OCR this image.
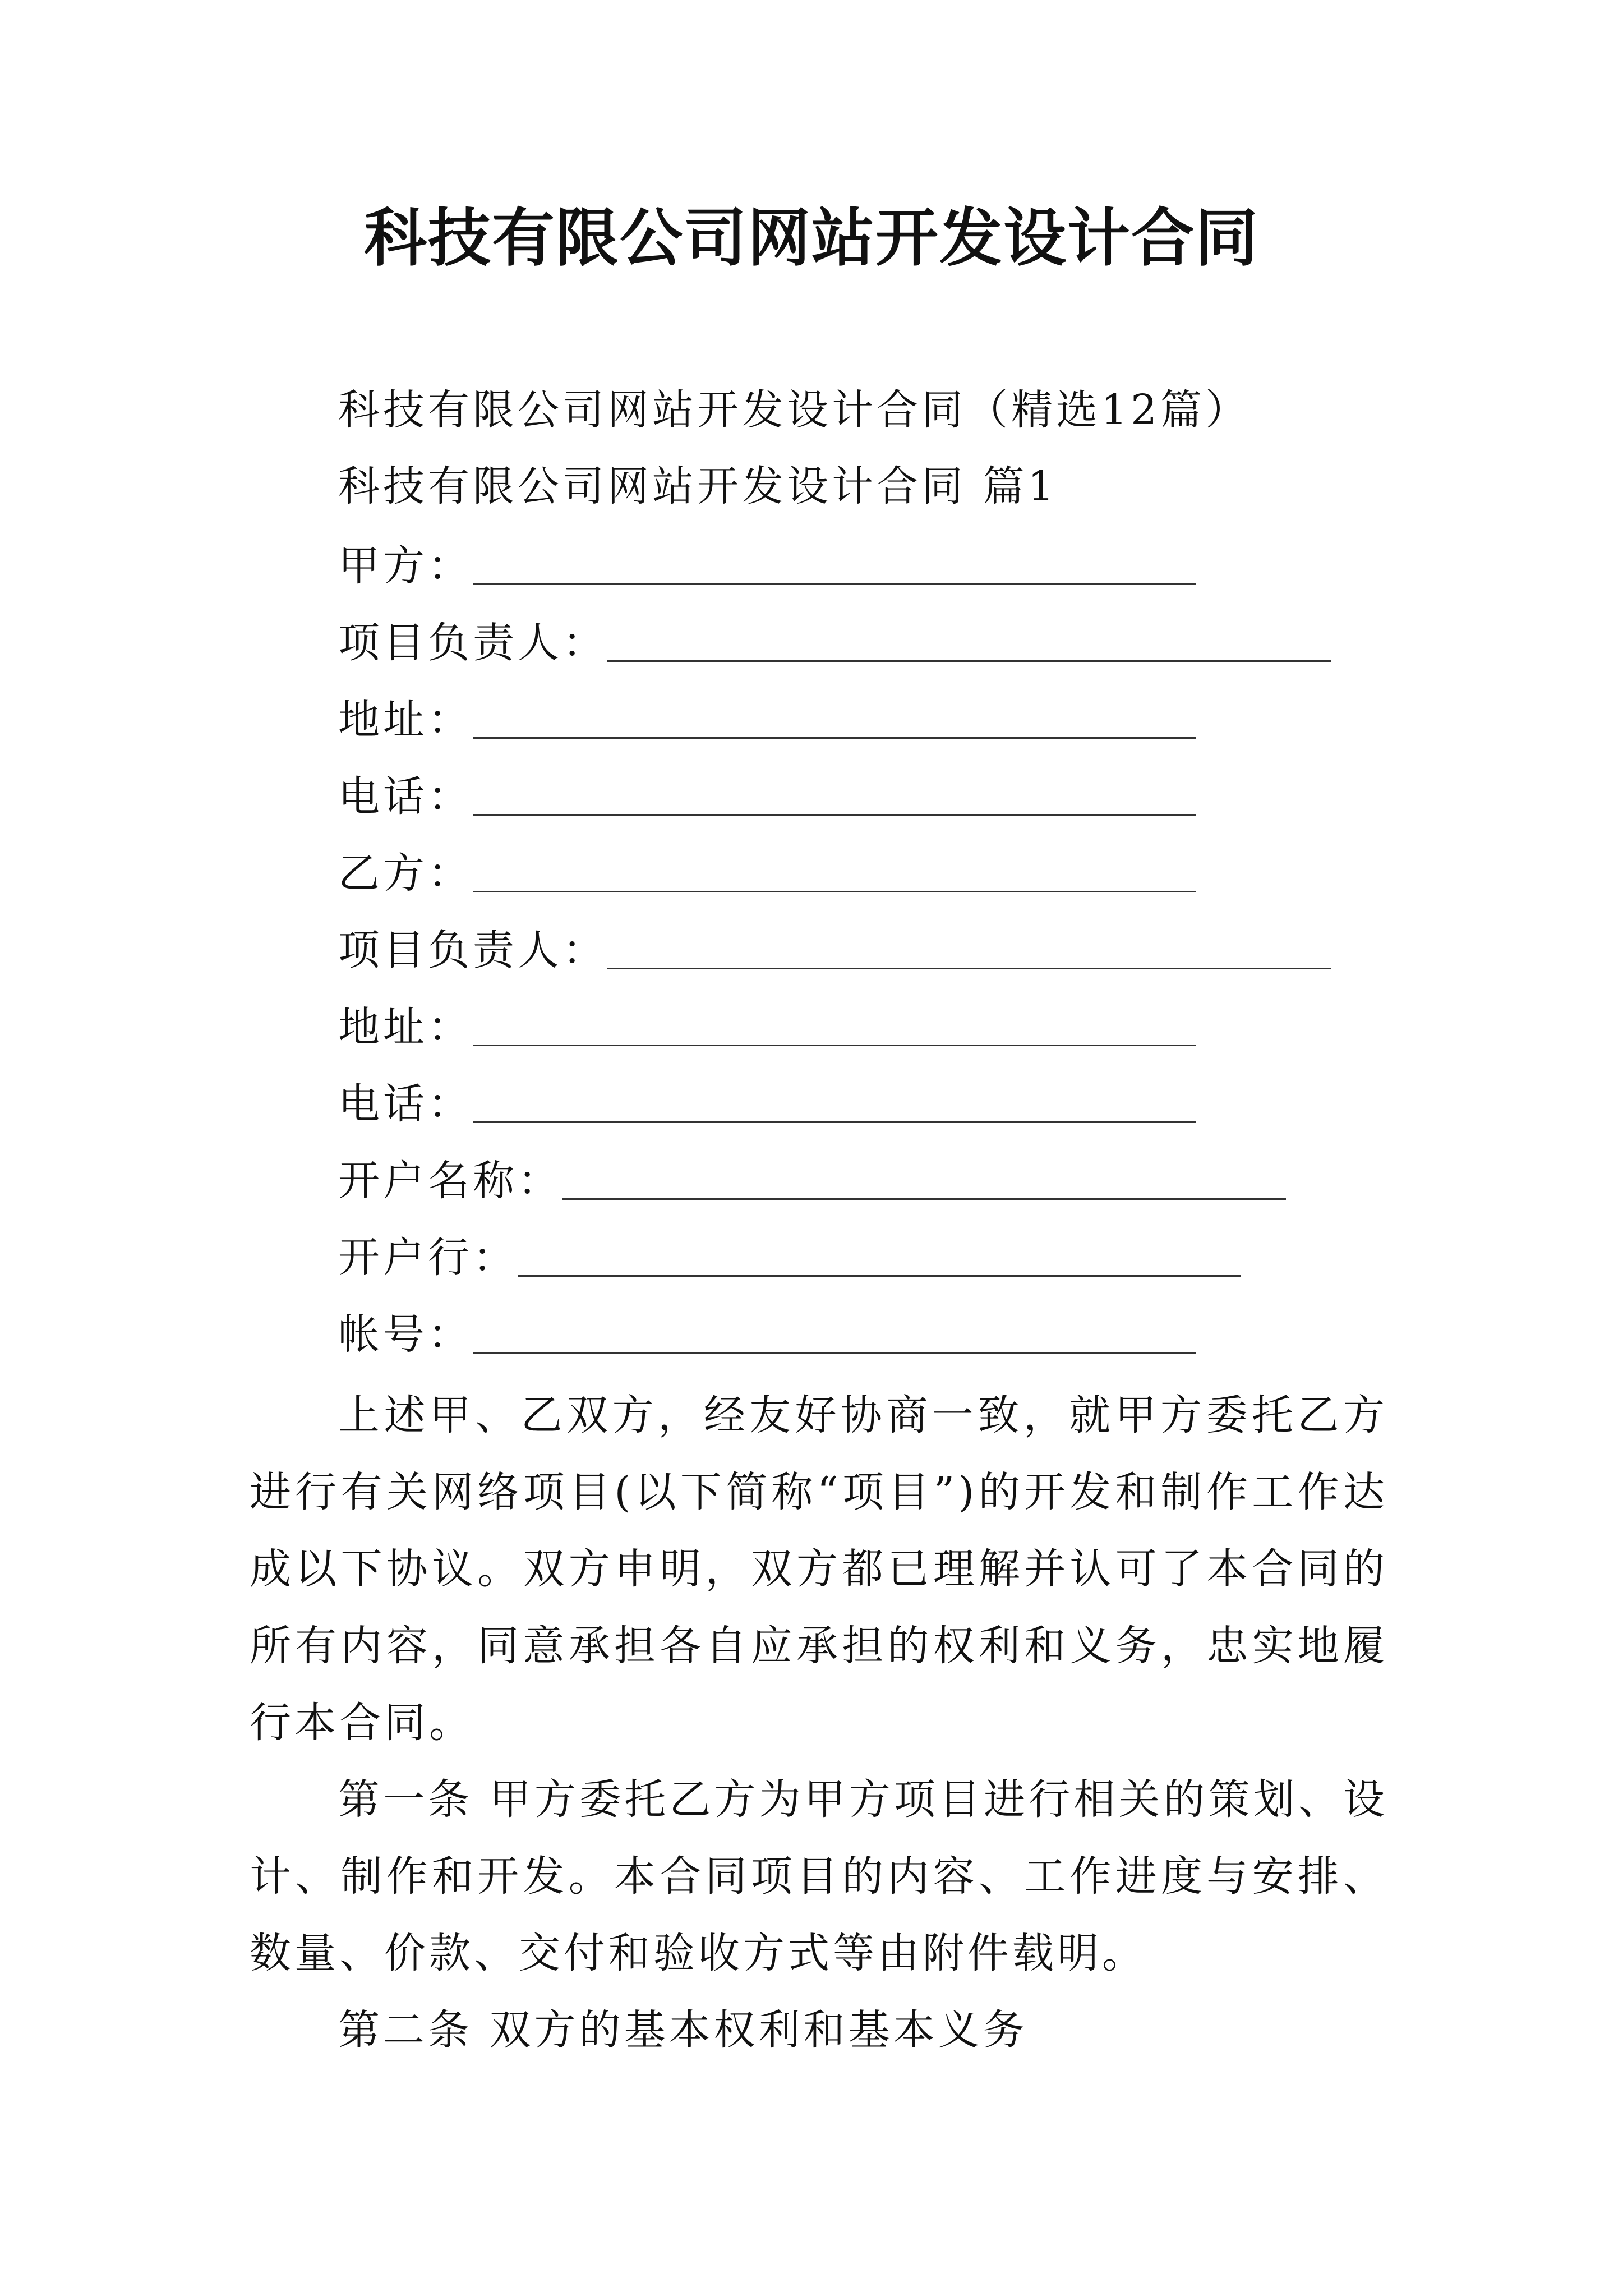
科技有限公司网站开发设计合同
科技有限公司网站开发设计合同（精选12篇）
科技有限公司网站开发设计合同 篇1
甲方：
项目负责人：
地址：
电话：
乙方：
项目负责人：
地址：
电话：
开户名称：
开户行：
帐号：

上述甲、乙双方，经友好协商一致，就甲方委托乙方进行有关网络项目(以下简称“项目”)的开发和制作工作达成以下协议。双方申明，双方都已理解并认可了本合同的所有内容，同意承担各自应承担的权利和义务，忠实地履行本合同。

第一条 甲方委托乙方为甲方项目进行相关的策划、设计、制作和开发。本合同项目的内容、工作进度与安排、数量、价款、交付和验收方式等由附件载明。

第二条 双方的基本权利和基本义务
